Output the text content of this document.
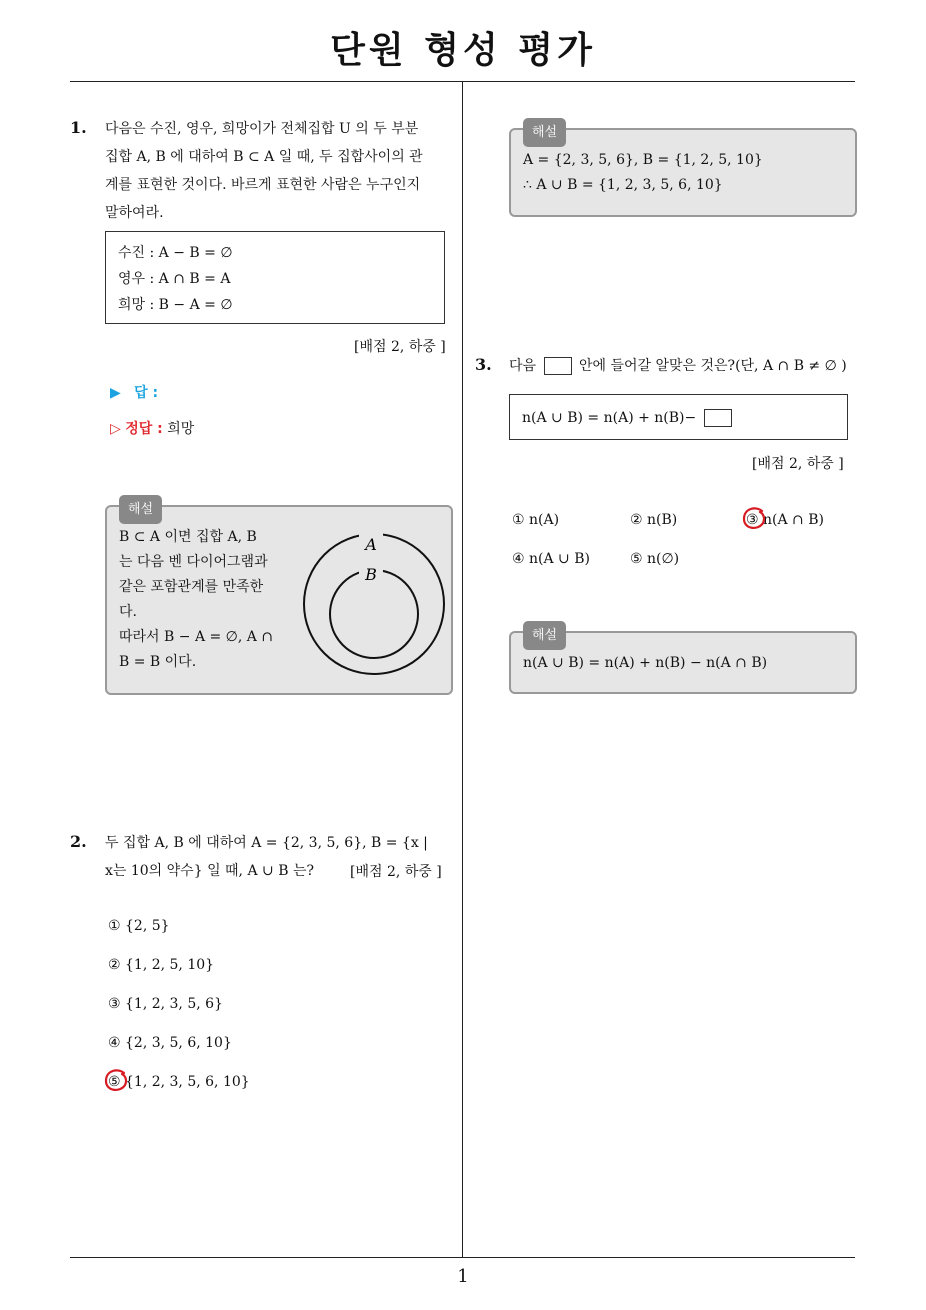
단원 형성 평가
1
1. 다음은 수진, 영우, 희망이가 전체집합 U 의 두 부분
집합 A, B 에 대하여 B ⊂ A 일 때, 두 집합사이의 관
계를 표현한 것이다. 바르게 표현한 사람은 누구인지
말하여라.
수진 : A − B = ∅
영우 : A ∩ B = A
희망 : B − A = ∅
[배점 2, 하중 ]
▶ 답 :
▷ 정답 : 희망
해설
B ⊂ A 이면 집합 A, B
는 다음 벤 다이어그램과
같은 포함관계를 만족한
다.
따라서 B − A = ∅, A ∩
B = B 이다.
A
B
2. 두 집합 A, B 에 대하여 A = {2, 3, 5, 6}, B = {x |
x는 10의 약수} 일 때, A ∪ B 는?	[배점 2, 하중 ]
① {2, 5}
② {1, 2, 5, 10}
③ {1, 2, 3, 5, 6}
④ {2, 3, 5, 6, 10}
⑤ {1, 2, 3, 5, 6, 10}
해설
A = {2, 3, 5, 6}, B = {1, 2, 5, 10}
∴ A ∪ B = {1, 2, 3, 5, 6, 10}
3. 다음	안에 들어갈 알맞은 것은?(단, A ∩ B ≠ ∅ )
n(A ∪ B) = n(A) + n(B)−
[배점 2, 하중 ]
① n(A)	② n(B)	③ n(A ∩ B)
④ n(A ∪ B)	⑤ n(∅)
해설
n(A ∪ B) = n(A) + n(B) − n(A ∩ B)
